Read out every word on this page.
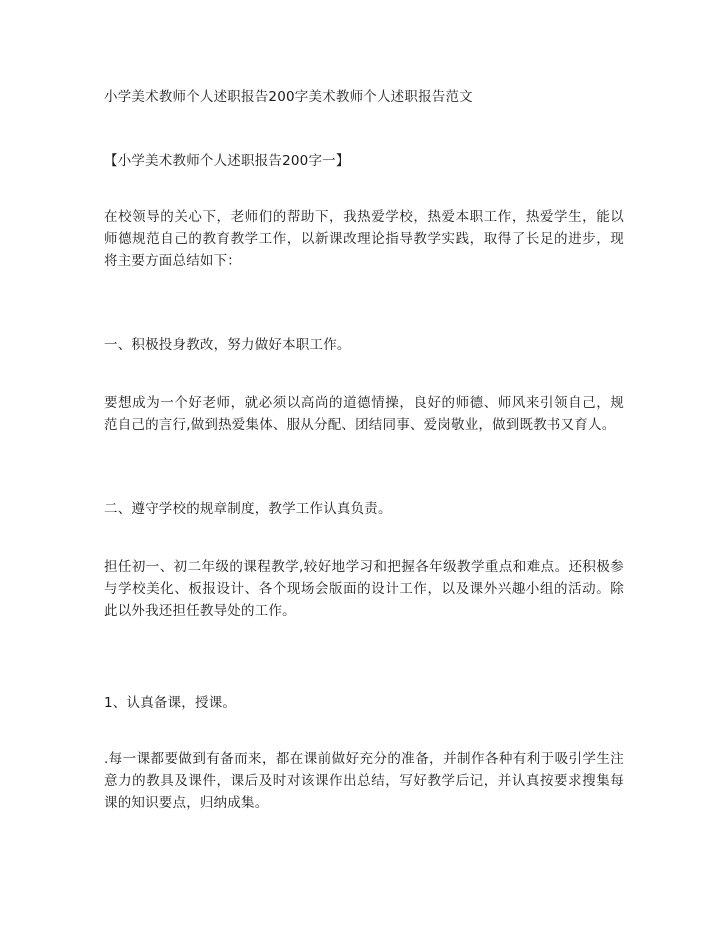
小学美术教师个人述职报告200字美术教师个人述职报告范文

【小学美术教师个人述职报告200字一】

在校领导的关心下，老师们的帮助下，我热爱学校，热爱本职工作，热爱学生，能以师德规范自己的教育教学工作，以新课改理论指导教学实践，取得了长足的进步，现将主要方面总结如下：

一、积极投身教改，努力做好本职工作。

要想成为一个好老师，就必须以高尚的道德情操，良好的师德、师风来引领自己，规范自己的言行,做到热爱集体、服从分配、团结同事、爱岗敬业，做到既教书又育人。

二、遵守学校的规章制度，教学工作认真负责。

担任初一、初二年级的课程教学,较好地学习和把握各年级教学重点和难点。还积极参与学校美化、板报设计、各个现场会版面的设计工作，以及课外兴趣小组的活动。除此以外我还担任教导处的工作。

1、认真备课，授课。

.每一课都要做到有备而来，都在课前做好充分的准备，并制作各种有利于吸引学生注意力的教具及课件，课后及时对该课作出总结，写好教学后记，并认真按要求搜集每课的知识要点，归纳成集。
